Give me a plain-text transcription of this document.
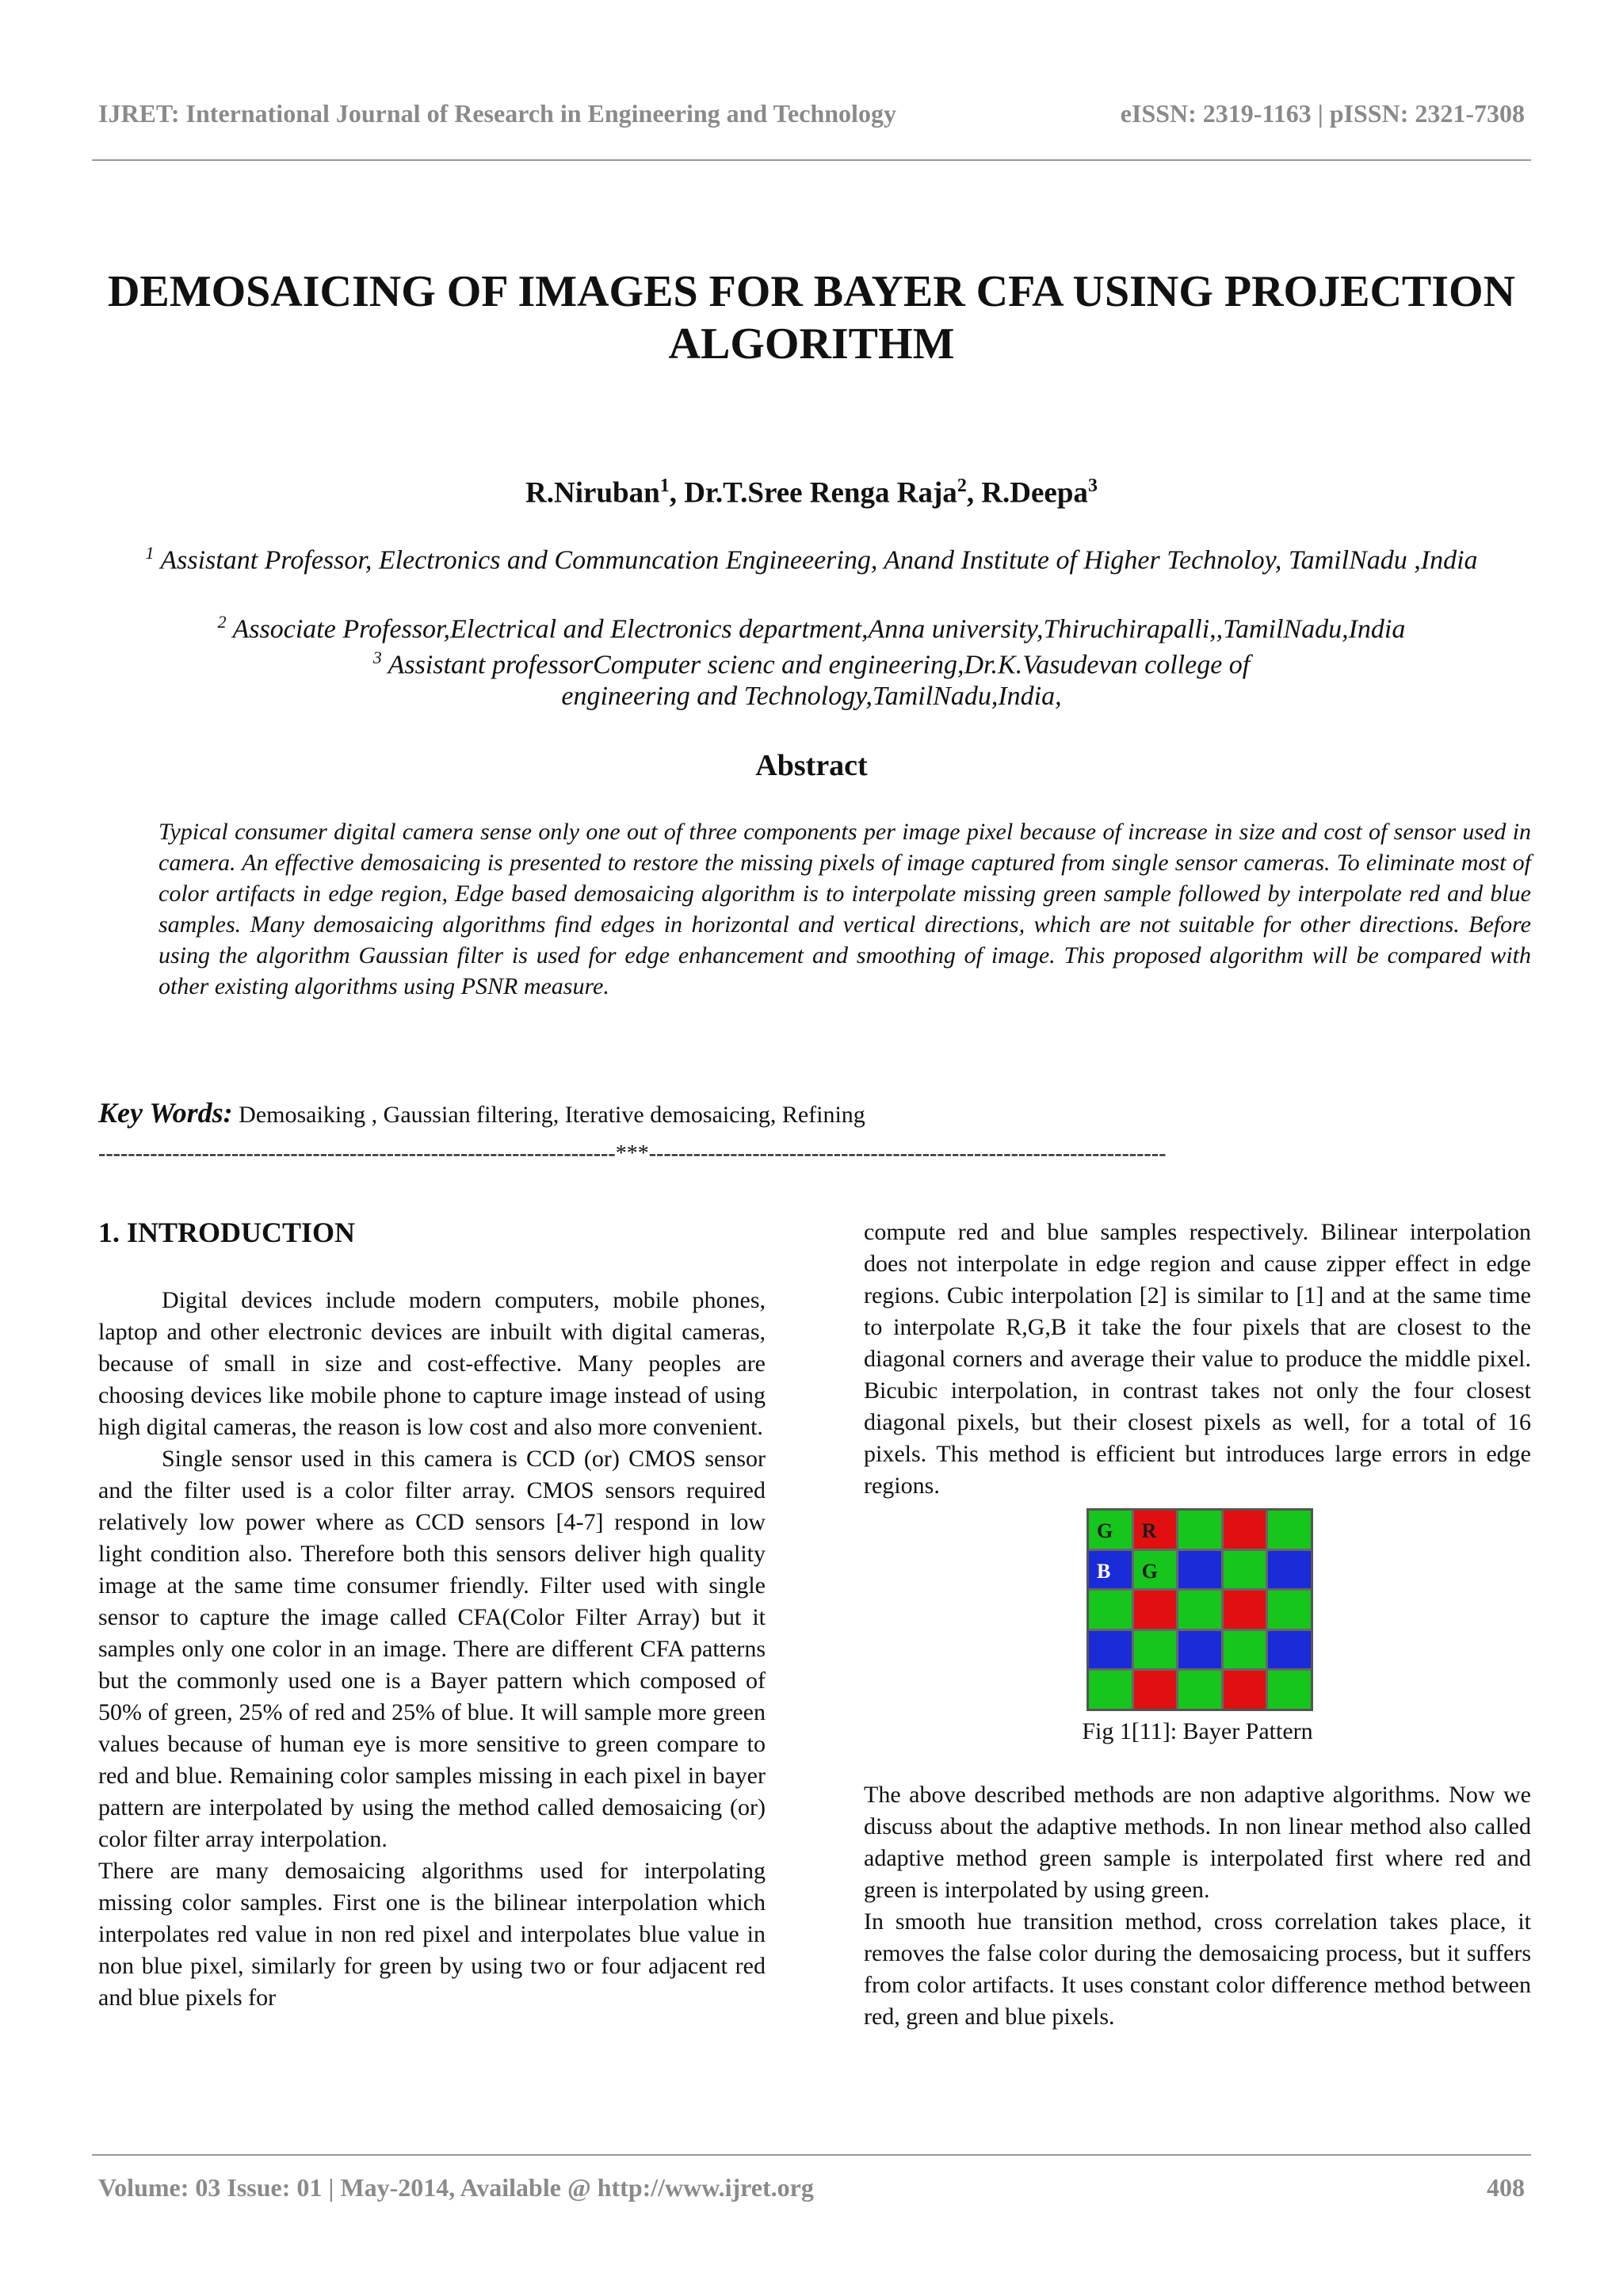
IJRET: International Journal of Research in Engineering and Technology	eISSN: 2319-1163 | pISSN: 2321-7308
DEMOSAICING OF IMAGES FOR BAYER CFA USING PROJECTION ALGORITHM
R.Niruban$^1$, Dr.T.Sree Renga Raja$^2$, R.Deepa$^3$
$^1$ Assistant Professor, Electronics and Communcation Engineeering, Anand Institute of Higher Technoloy, TamilNadu ,India
$^2$ Associate Professor,Electrical and Electronics department,Anna university,Thiruchirapalli,,TamilNadu,India
$^3$ Assistant professorComputer scienc and engineering,Dr.K.Vasudevan college of engineering and Technology,TamilNadu,India,
Abstract
Typical consumer digital camera sense only one out of three components per image pixel because of increase in size and cost of sensor used in camera. An effective demosaicing is presented to restore the missing pixels of image captured from single sensor cameras. To eliminate most of color artifacts in edge region, Edge based demosaicing algorithm is to interpolate missing green sample followed by interpolate red and blue samples. Many demosaicing algorithms find edges in horizontal and vertical directions, which are not suitable for other directions. Before using the algorithm Gaussian filter is used for edge enhancement and smoothing of image. This proposed algorithm will be compared with other existing algorithms using PSNR measure.
Key Words: Demosaiking , Gaussian filtering, Iterative demosaicing, Refining
----------------------------------------------------------------------***----------------------------------------------------------------------
1. INTRODUCTION

Digital devices include modern computers, mobile phones, laptop and other electronic devices are inbuilt with digital cameras, because of small in size and cost-effective. Many peoples are choosing devices like mobile phone to capture image instead of using high digital cameras, the reason is low cost and also more convenient.

Single sensor used in this camera is CCD (or) CMOS sensor and the filter used is a color filter array. CMOS sensors required relatively low power where as CCD sensors [4-7] respond in low light condition also. Therefore both this sensors deliver high quality image at the same time consumer friendly. Filter used with single sensor to capture the image called CFA(Color Filter Array) but it samples only one color in an image. There are different CFA patterns but the commonly used one is a Bayer pattern which composed of 50% of green, 25% of red and 25% of blue. It will sample more green values because of human eye is more sensitive to green compare to red and blue. Remaining color samples missing in each pixel in bayer pattern are interpolated by using the method called demosaicing (or) color filter array interpolation.

There are many demosaicing algorithms used for interpolating missing color samples. First one is the bilinear interpolation which interpolates red value in non red pixel and interpolates blue value in non blue pixel, similarly for green by using two or four adjacent red and blue pixels for

compute red and blue samples respectively. Bilinear interpolation does not interpolate in edge region and cause zipper effect in edge regions. Cubic interpolation [2] is similar to [1] and at the same time to interpolate R,G,B it take the four pixels that are closest to the diagonal corners and average their value to produce the middle pixel. Bicubic interpolation, in contrast takes not only the four closest diagonal pixels, but their closest pixels as well, for a total of 16 pixels. This method is efficient but introduces large errors in edge regions.

G R
B G
Fig 1[11]: Bayer Pattern

The above described methods are non adaptive algorithms. Now we discuss about the adaptive methods. In non linear method also called adaptive method green sample is interpolated first where red and green is interpolated by using green.

In smooth hue transition method, cross correlation takes place, it removes the false color during the demosaicing process, but it suffers from color artifacts. It uses constant color difference method between red, green and blue pixels.

Volume: 03 Issue: 01 | May-2014, Available @ http://www.ijret.org	408
